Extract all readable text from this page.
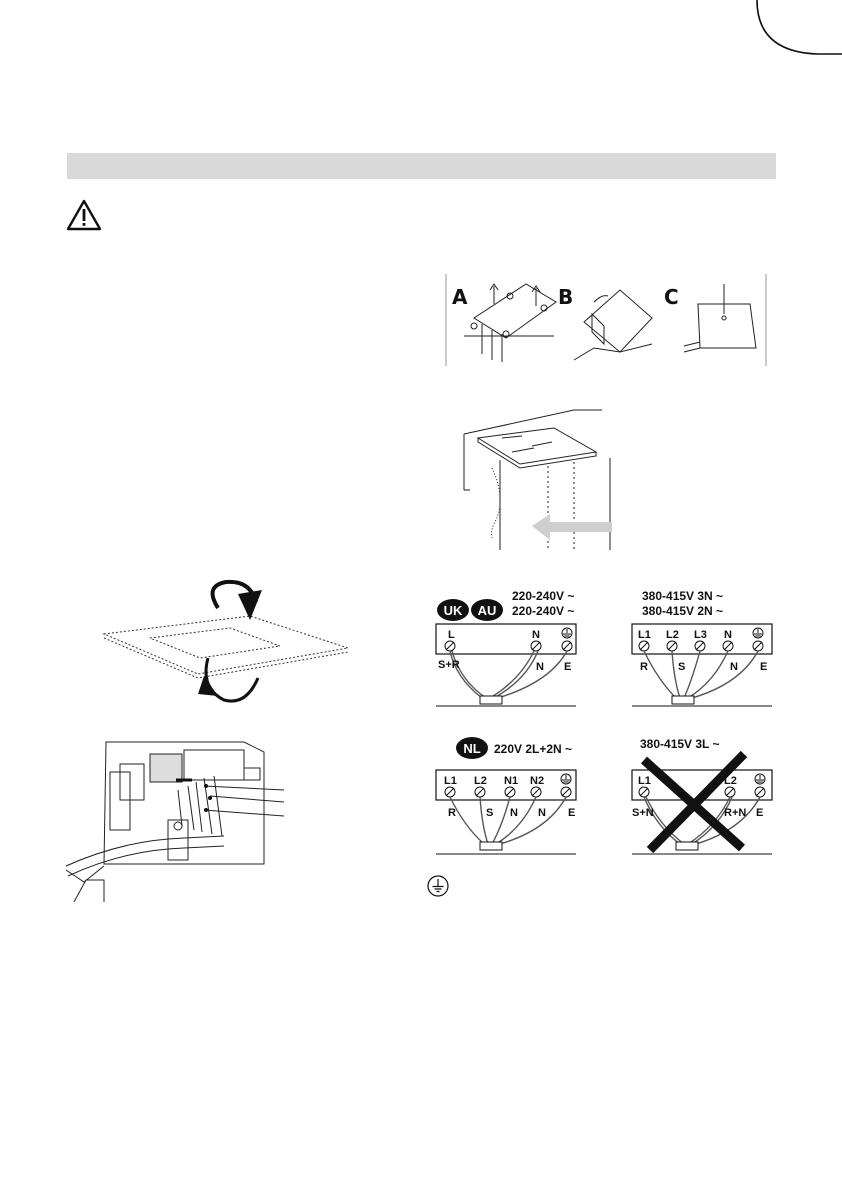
A	B	C
UK AU
220-240V ~
220-240V ~
L	N
S+R	N E
380-415V 3N ~
380-415V 2N ~
L1 L2 L3 N
R	S	N E
NL 220V 2L+2N ~
L1 L2 N1 N2
R	S N N E
380-415V 3L ~
L1	L2
S+N	R+N E
